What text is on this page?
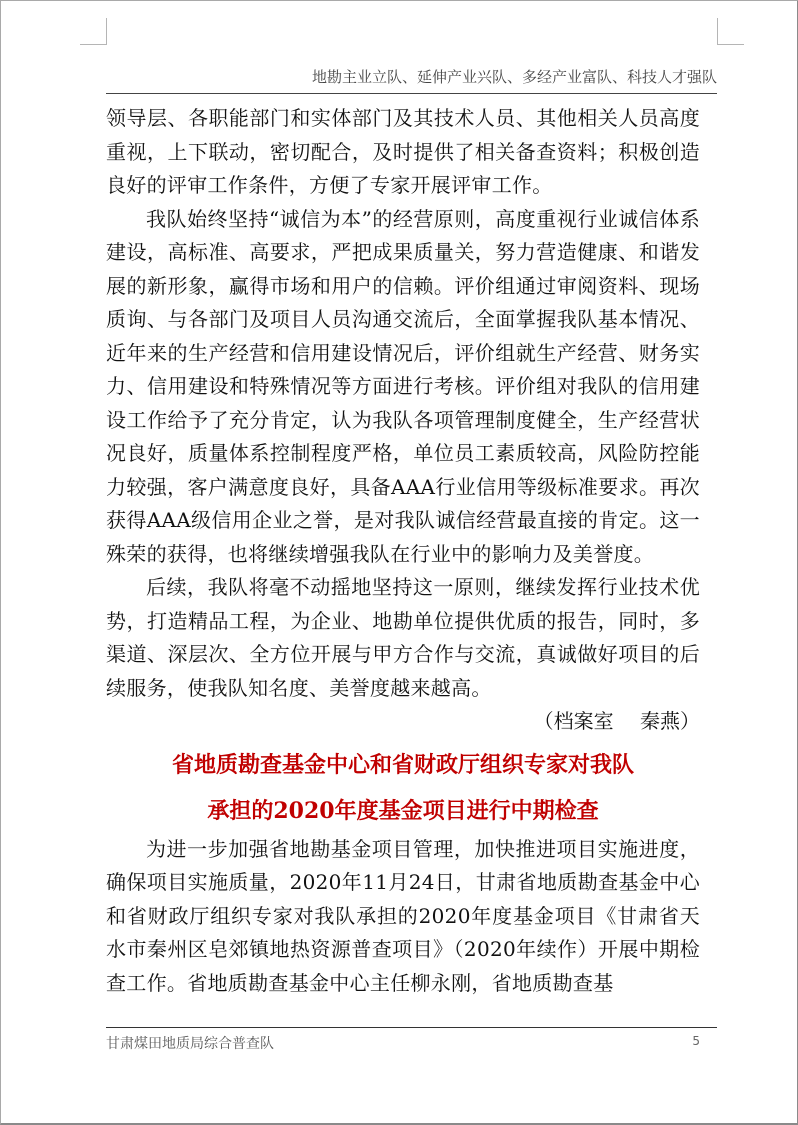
地勘主业立队、延伸产业兴队、多经产业富队、科技人才强队

领导层、各职能部门和实体部门及其技术人员、其他相关人员高度重视，上下联动，密切配合，及时提供了相关备查资料；积极创造良好的评审工作条件，方便了专家开展评审工作。

我队始终坚持“诚信为本”的经营原则，高度重视行业诚信体系建设，高标准、高要求，严把成果质量关，努力营造健康、和谐发展的新形象，赢得市场和用户的信赖。评价组通过审阅资料、现场质询、与各部门及项目人员沟通交流后，全面掌握我队基本情况、近年来的生产经营和信用建设情况后，评价组就生产经营、财务实力、信用建设和特殊情况等方面进行考核。评价组对我队的信用建设工作给予了充分肯定，认为我队各项管理制度健全，生产经营状况良好，质量体系控制程度严格，单位员工素质较高，风险防控能力较强，客户满意度良好，具备AAA行业信用等级标准要求。再次获得AAA级信用企业之誉，是对我队诚信经营最直接的肯定。这一殊荣的获得，也将继续增强我队在行业中的影响力及美誉度。

后续，我队将毫不动摇地坚持这一原则，继续发挥行业技术优势，打造精品工程，为企业、地勘单位提供优质的报告，同时，多渠道、深层次、全方位开展与甲方合作与交流，真诚做好项目的后续服务，使我队知名度、美誉度越来越高。

（档案室　 秦燕）

省地质勘查基金中心和省财政厅组织专家对我队

承担的2020年度基金项目进行中期检查

为进一步加强省地勘基金项目管理，加快推进项目实施进度，确保项目实施质量，2020年11月24日，甘肃省地质勘查基金中心和省财政厅组织专家对我队承担的2020年度基金项目《甘肃省天水市秦州区皂郊镇地热资源普查项目》（2020年续作）开展中期检查工作。省地质勘查基金中心主任柳永刚，省地质勘查基

甘肃煤田地质局综合普查队	5
